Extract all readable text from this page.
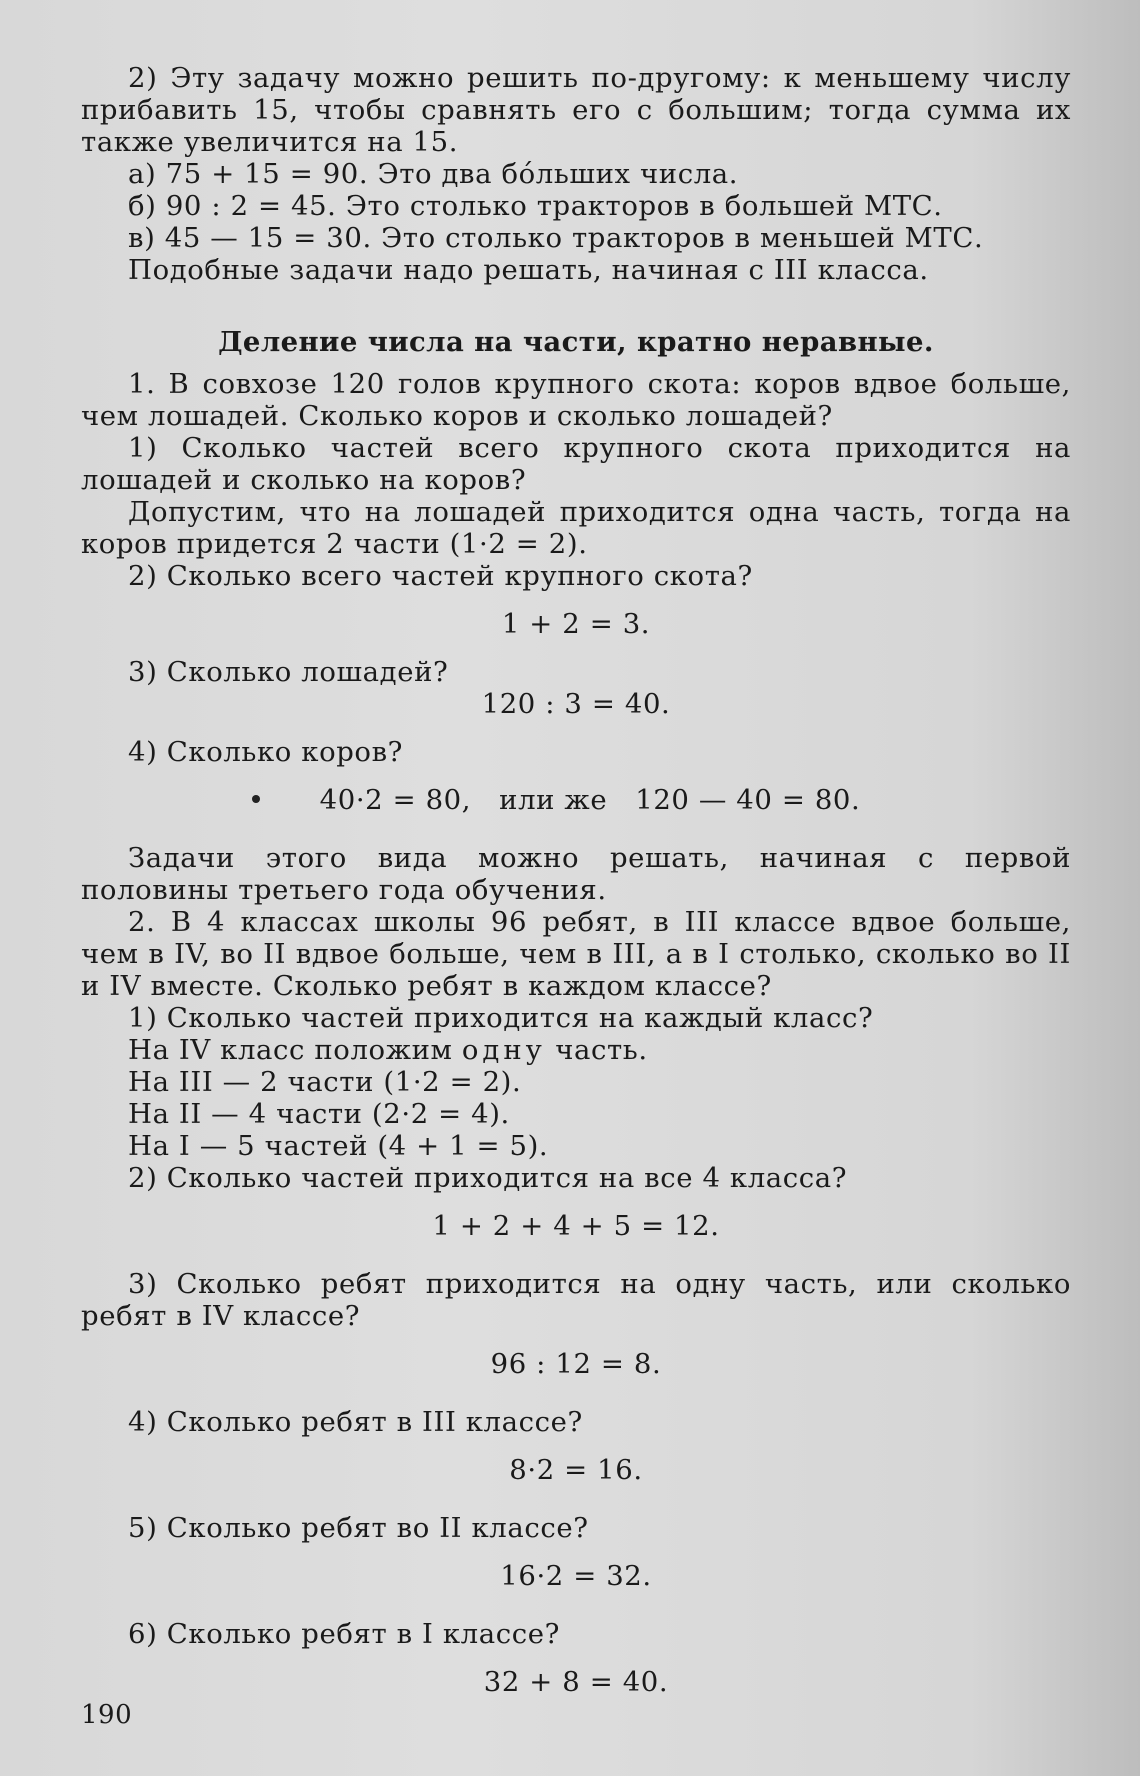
2) Эту задачу можно решить по-другому: к меньшему числу прибавить 15, чтобы сравнять его с большим; тогда сумма их также увеличится на 15.

а) 75 + 15 = 90. Это два бо́льших числа.

б) 90 : 2 = 45. Это столько тракторов в большей МТС.

в) 45 — 15 = 30. Это столько тракторов в меньшей МТС.

Подобные задачи надо решать, начиная с III класса.

Деление числа на части, кратно неравные.

1. В совхозе 120 голов крупного скота: коров вдвое больше, чем лошадей. Сколько коров и сколько лошадей?

1) Сколько частей всего крупного скота приходится на лошадей и сколько на коров?

Допустим, что на лошадей приходится одна часть, тогда на коров придется 2 части (1·2 = 2).

2) Сколько всего частей крупного скота?

1 + 2 = 3.

3) Сколько лошадей?

120 : 3 = 40.

4) Сколько коров?

40·2 = 80, или же 120 — 40 = 80.

Задачи этого вида можно решать, начиная с первой половины третьего года обучения.

2. В 4 классах школы 96 ребят, в III классе вдвое больше, чем в IV, во II вдвое больше, чем в III, а в I столько, сколько во II и IV вместе. Сколько ребят в каждом классе?

1) Сколько частей приходится на каждый класс?

На IV класс положим одну часть.

На III — 2 части (1·2 = 2).

На II — 4 части (2·2 = 4).

На I — 5 частей (4 + 1 = 5).

2) Сколько частей приходится на все 4 класса?

1 + 2 + 4 + 5 = 12.

3) Сколько ребят приходится на одну часть, или сколько ребят в IV классе?

96 : 12 = 8.

4) Сколько ребят в III классе?

8·2 = 16.

5) Сколько ребят во II классе?

16·2 = 32.

6) Сколько ребят в I классе?

32 + 8 = 40.

190
